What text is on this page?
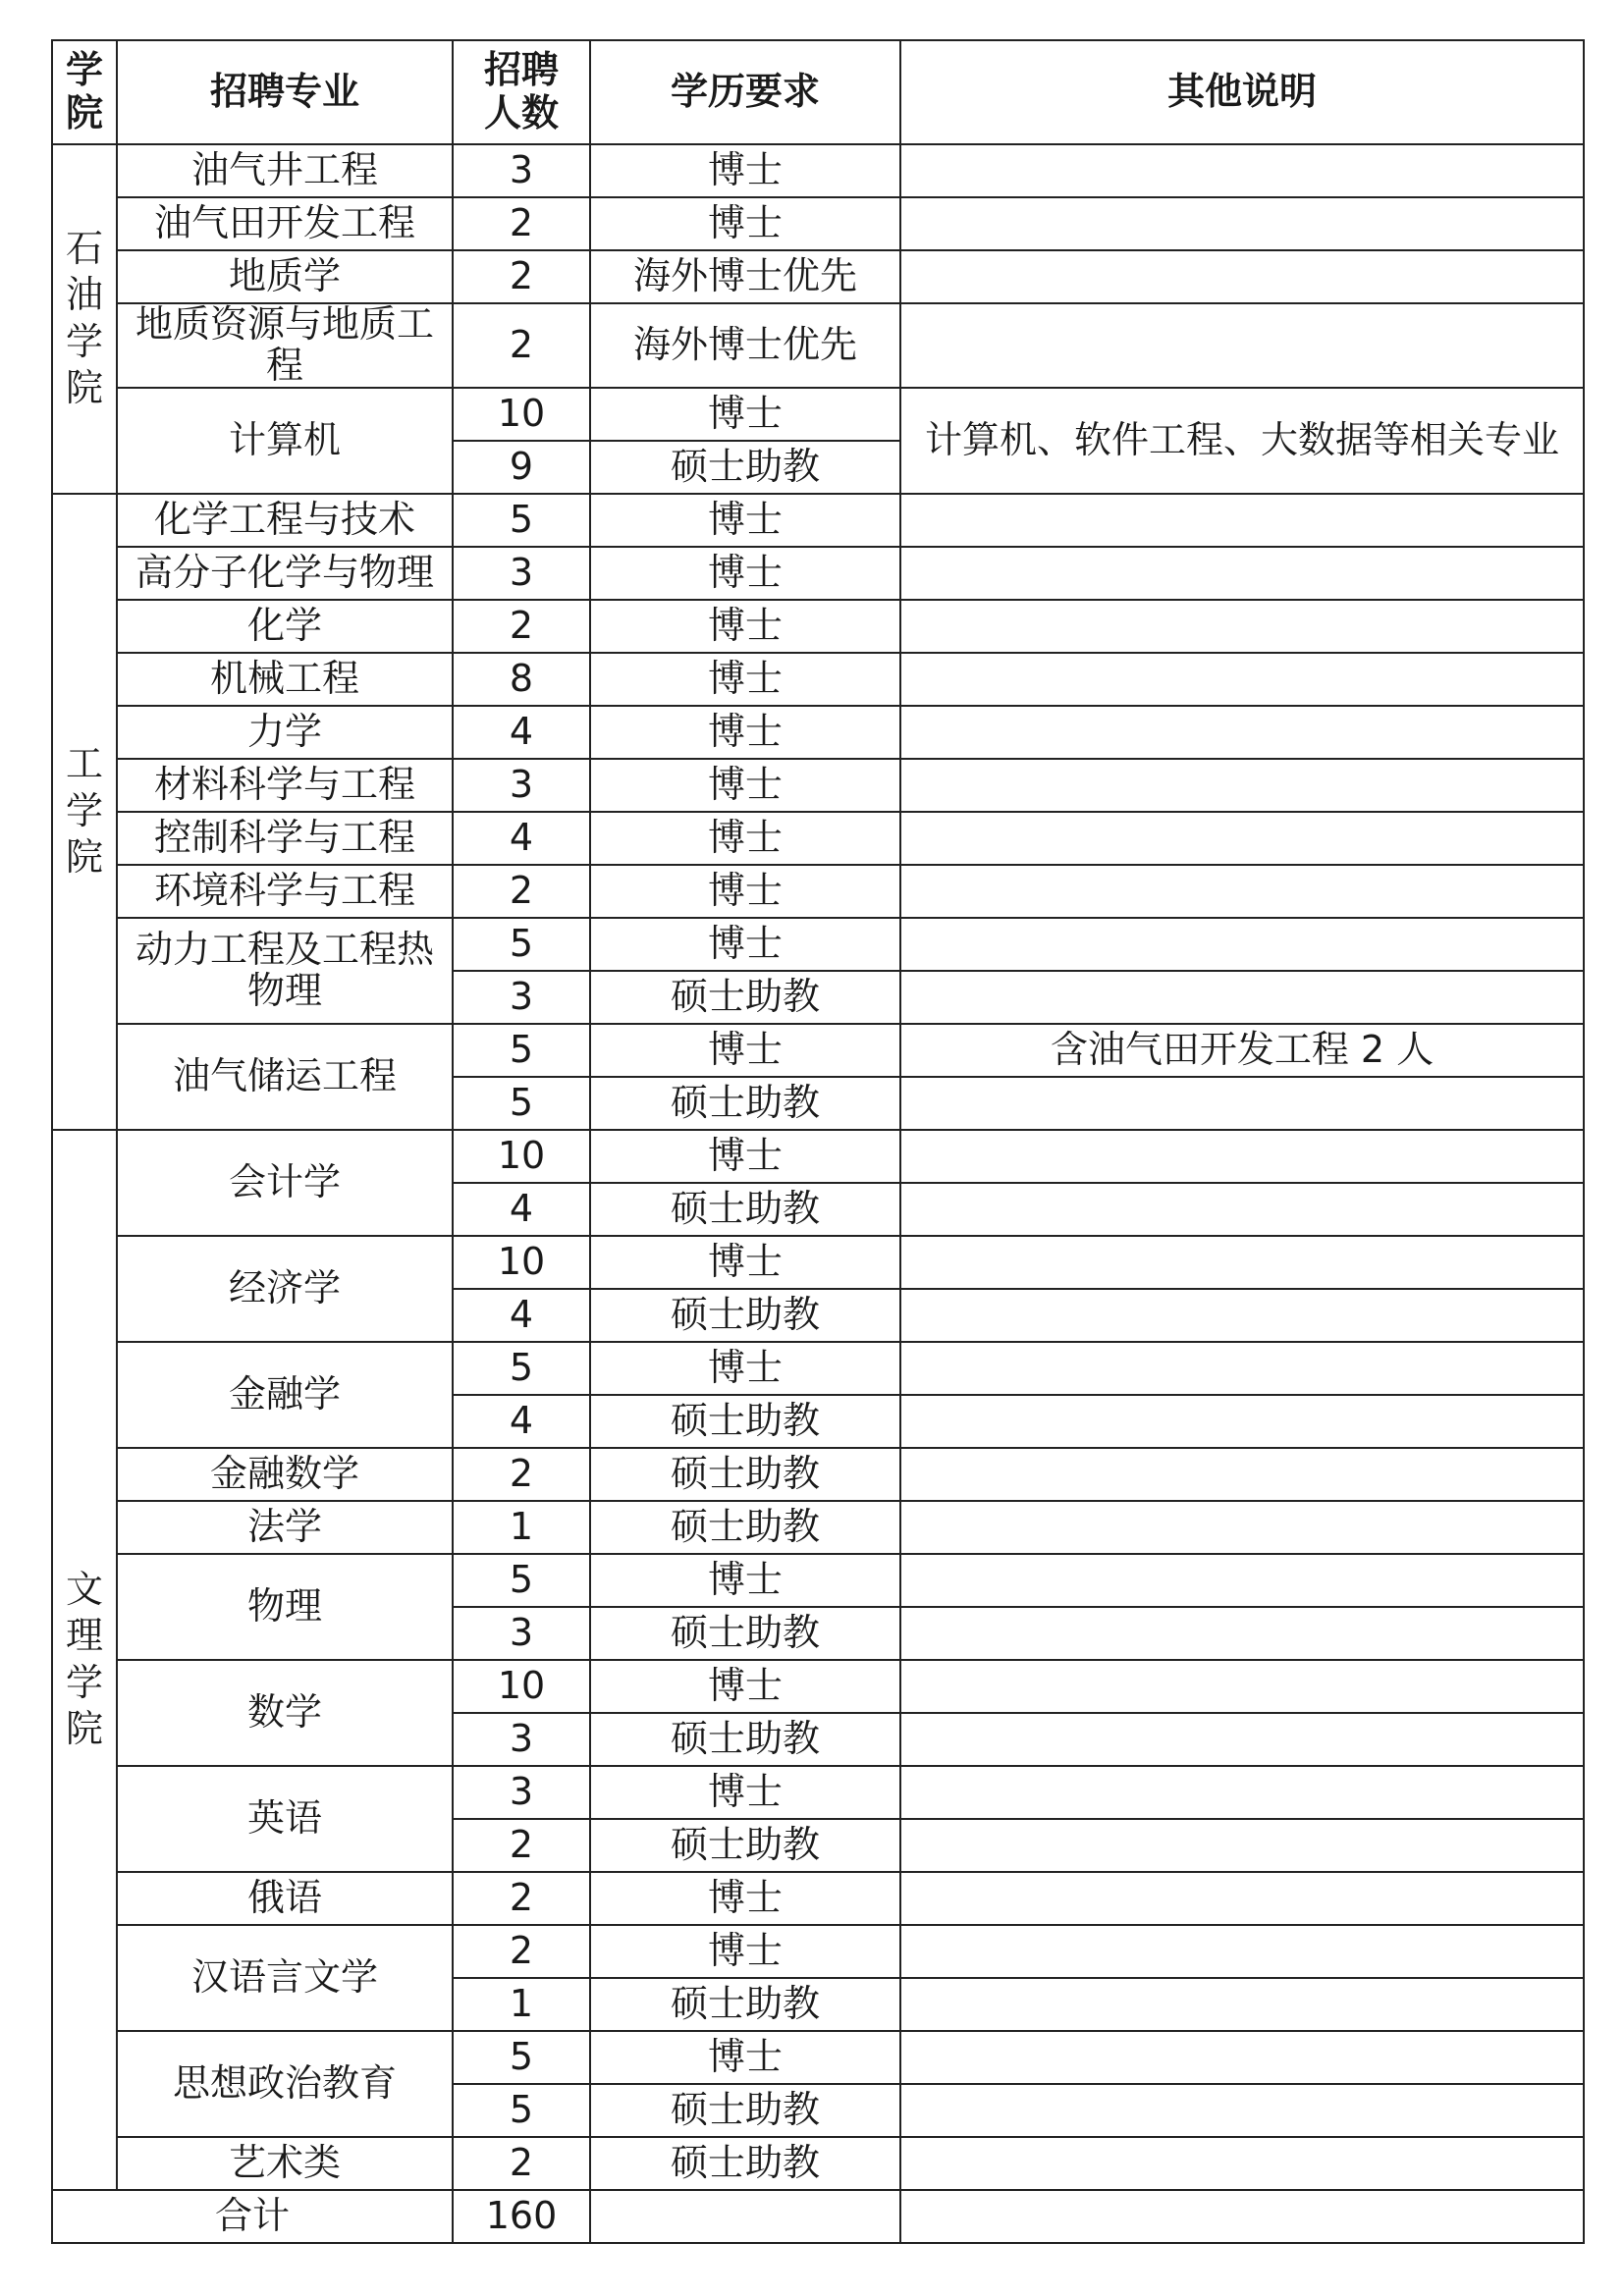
学院	招聘专业	招聘人数	学历要求	其他说明
石油学院	油气井工程	3	博士	
	油气田开发工程	2	博士	
	地质学	2	海外博士优先	
	地质资源与地质工程	2	海外博士优先	
	计算机	10	博士	计算机、软件工程、大数据等相关专业
		9	硕士助教	
工学院	化学工程与技术	5	博士	
	高分子化学与物理	3	博士	
	化学	2	博士	
	机械工程	8	博士	
	力学	4	博士	
	材料科学与工程	3	博士	
	控制科学与工程	4	博士	
	环境科学与工程	2	博士	
	动力工程及工程热物理	5	博士	
		3	硕士助教	
	油气储运工程	5	博士	含油气田开发工程 2 人
		5	硕士助教	
文理学院	会计学	10	博士	
		4	硕士助教	
	经济学	10	博士	
		4	硕士助教	
	金融学	5	博士	
		4	硕士助教	
	金融数学	2	硕士助教	
	法学	1	硕士助教	
	物理	5	博士	
		3	硕士助教	
	数学	10	博士	
		3	硕士助教	
	英语	3	博士	
		2	硕士助教	
	俄语	2	博士	
	汉语言文学	2	博士	
		1	硕士助教	
	思想政治教育	5	博士	
		5	硕士助教	
	艺术类	2	硕士助教	
合计		160		
